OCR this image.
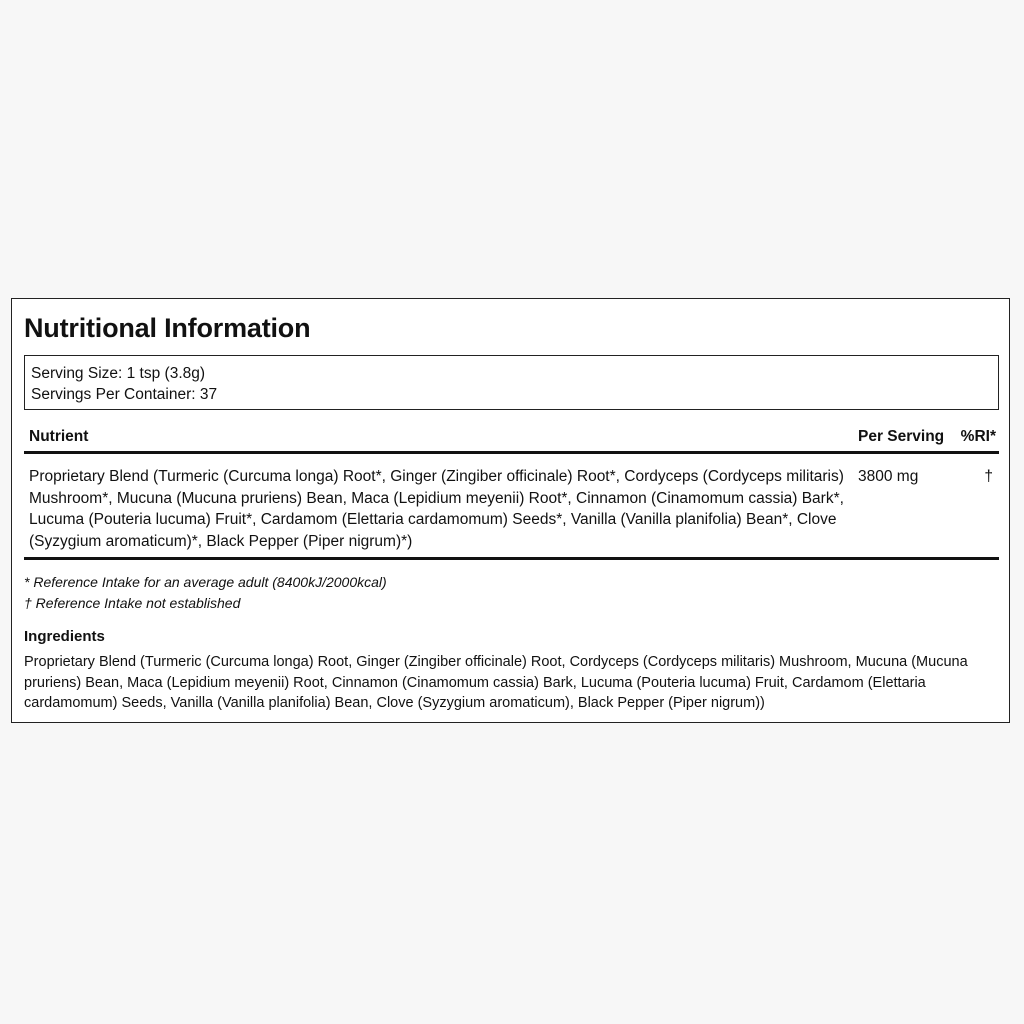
Nutritional Information
Serving Size: 1 tsp (3.8g)
Servings Per Container: 37
Nutrient	Per Serving %RI*
Proprietary Blend (Turmeric (Curcuma longa) Root*, Ginger (Zingiber officinale) Root*, Cordyceps (Cordyceps militaris) Mushroom*, Mucuna (Mucuna pruriens) Bean, Maca (Lepidium meyenii) Root*, Cinnamon (Cinamomum cassia) Bark*, Lucuma (Pouteria lucuma) Fruit*, Cardamom (Elettaria cardamomum) Seeds*, Vanilla (Vanilla planifolia) Bean*, Clove (Syzygium aromaticum)*, Black Pepper (Piper nigrum)*)
3800 mg	†
* Reference Intake for an average adult (8400kJ/2000kcal)
† Reference Intake not established
Ingredients

Proprietary Blend (Turmeric (Curcuma longa) Root, Ginger (Zingiber officinale) Root, Cordyceps (Cordyceps militaris) Mushroom, Mucuna (Mucuna pruriens) Bean, Maca (Lepidium meyenii) Root, Cinnamon (Cinamomum cassia) Bark, Lucuma (Pouteria lucuma) Fruit, Cardamom (Elettaria cardamomum) Seeds, Vanilla (Vanilla planifolia) Bean, Clove (Syzygium aromaticum), Black Pepper (Piper nigrum))
